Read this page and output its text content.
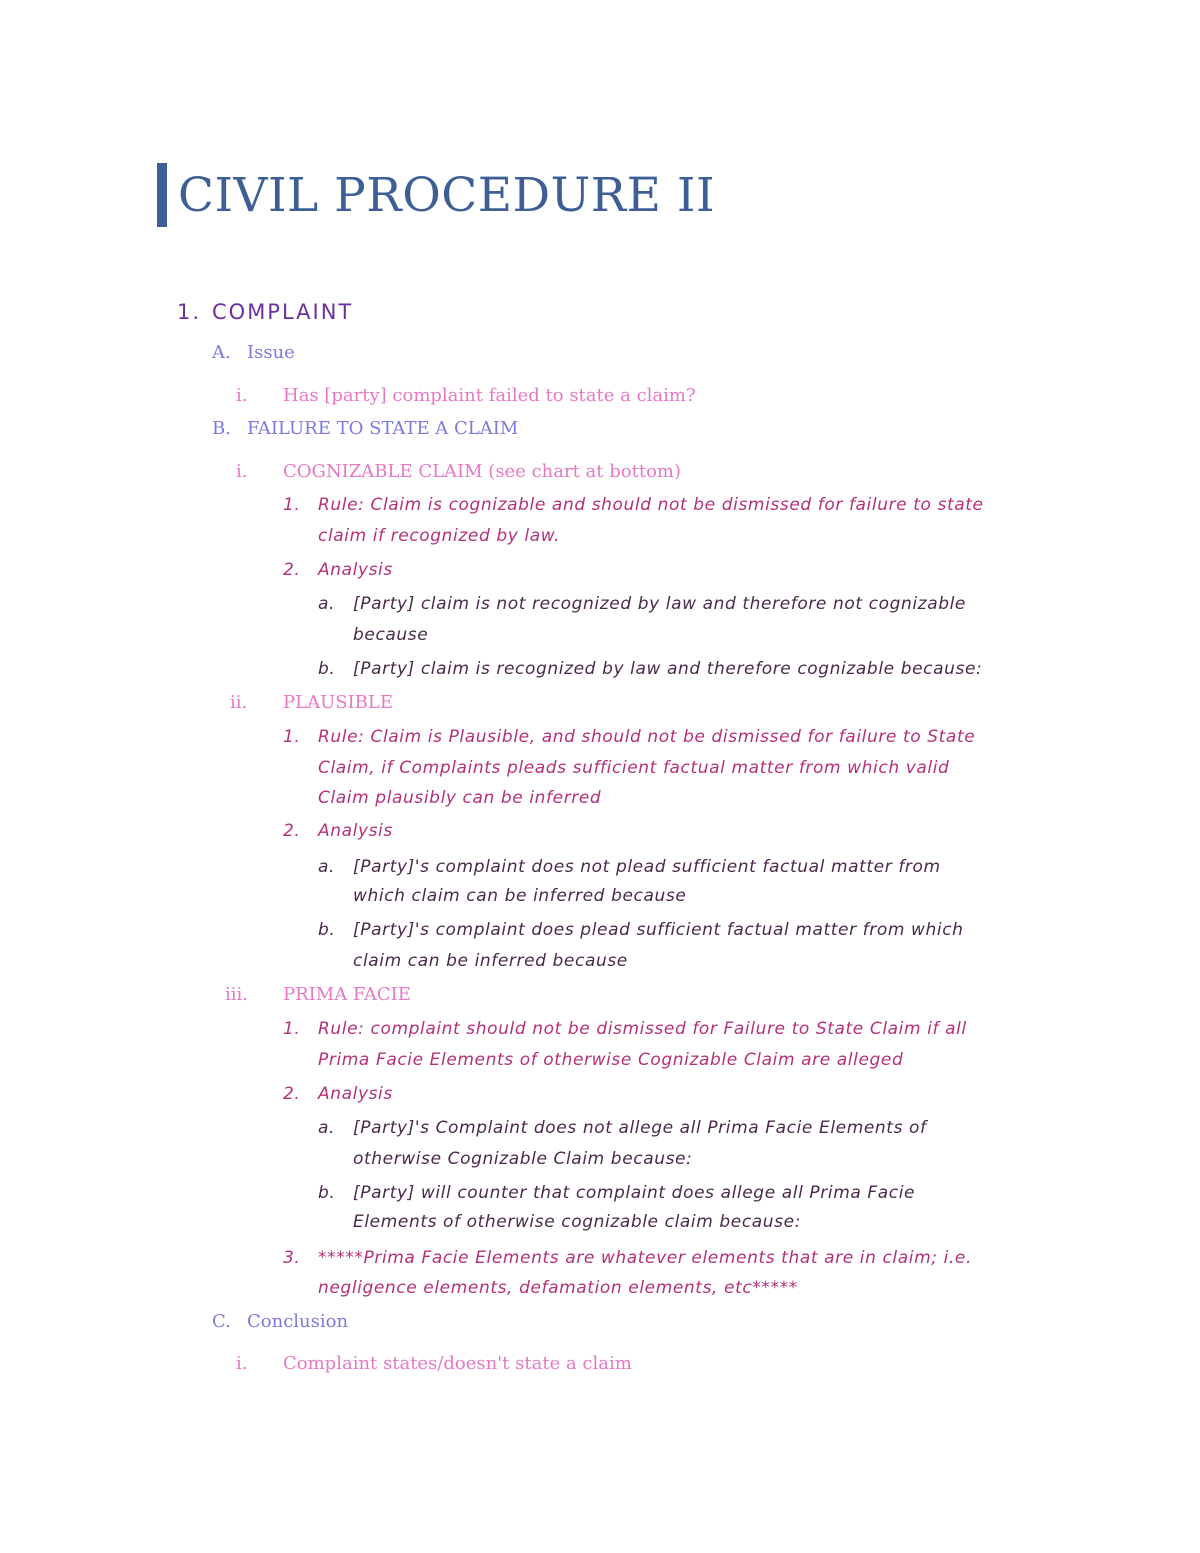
CIVIL PROCEDURE II
1. COMPLAINT
A. Issue
i. Has [party] complaint failed to state a claim?
B. FAILURE TO STATE A CLAIM
i. COGNIZABLE CLAIM (see chart at bottom)
1. Rule: Claim is cognizable and should not be dismissed for failure to state
claim if recognized by law.
2. Analysis
a. [Party] claim is not recognized by law and therefore not cognizable
because
b. [Party] claim is recognized by law and therefore cognizable because:
ii. PLAUSIBLE
1. Rule: Claim is Plausible, and should not be dismissed for failure to State
Claim, if Complaints pleads sufficient factual matter from which valid
Claim plausibly can be inferred
2. Analysis
a. [Party]'s complaint does not plead sufficient factual matter from
which claim can be inferred because
b. [Party]'s complaint does plead sufficient factual matter from which
claim can be inferred because
iii. PRIMA FACIE
1. Rule: complaint should not be dismissed for Failure to State Claim if all
Prima Facie Elements of otherwise Cognizable Claim are alleged
2. Analysis
a. [Party]'s Complaint does not allege all Prima Facie Elements of
otherwise Cognizable Claim because:
b. [Party] will counter that complaint does allege all Prima Facie
Elements of otherwise cognizable claim because:
3. *****Prima Facie Elements are whatever elements that are in claim; i.e.
negligence elements, defamation elements, etc*****
C. Conclusion
i. Complaint states/doesn't state a claim
